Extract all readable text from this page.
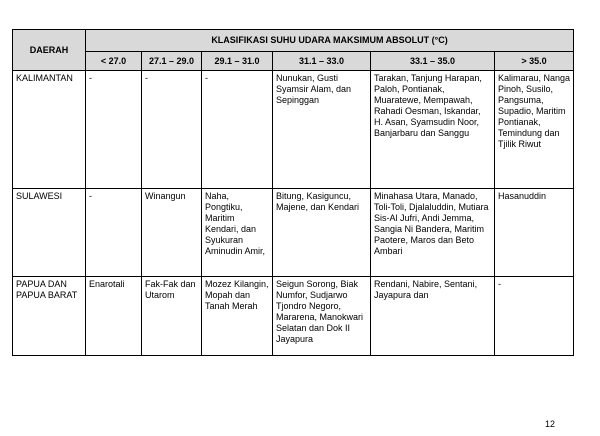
DAERAH	KLASIFIKASI SUHU UDARA MAKSIMUM ABSOLUT (°C)					
	< 27.0	27.1 – 29.0	29.1 – 31.0	31.1 – 33.0	33.1 – 35.0	> 35.0
KALIMANTAN	-	-	-	Nunukan, Gusti Syamsir Alam, dan Sepinggan	Tarakan, Tanjung Harapan, Paloh, Pontianak, Muaratewe, Mempawah, Rahadi Oesman, Iskandar, H. Asan, Syamsudin Noor, Banjarbaru dan Sanggu	Kalimarau, Nanga Pinoh, Susilo, Pangsuma, Supadio, Maritim Pontianak, Temindung dan Tjilik Riwut
SULAWESI	-	Winangun	Naha, Pongtiku, Maritim Kendari, dan Syukuran Aminudin Amir,	Bitung, Kasiguncu, Majene, dan Kendari	Minahasa Utara, Manado, Toli-Toli, Djalaluddin, Mutiara Sis-Al Jufri, Andi Jemma, Sangia Ni Bandera, Maritim Paotere, Maros dan Beto Ambari	Hasanuddin
PAPUA DAN PAPUA BARAT	Enarotali	Fak-Fak dan Utarom	Mozez Kilangin, Mopah dan Tanah Merah	Seigun Sorong, Biak Numfor, Sudjarwo Tjondro Negoro, Mararena, Manokwari Selatan dan Dok II Jayapura	Rendani, Nabire, Sentani, Jayapura dan	-
12
